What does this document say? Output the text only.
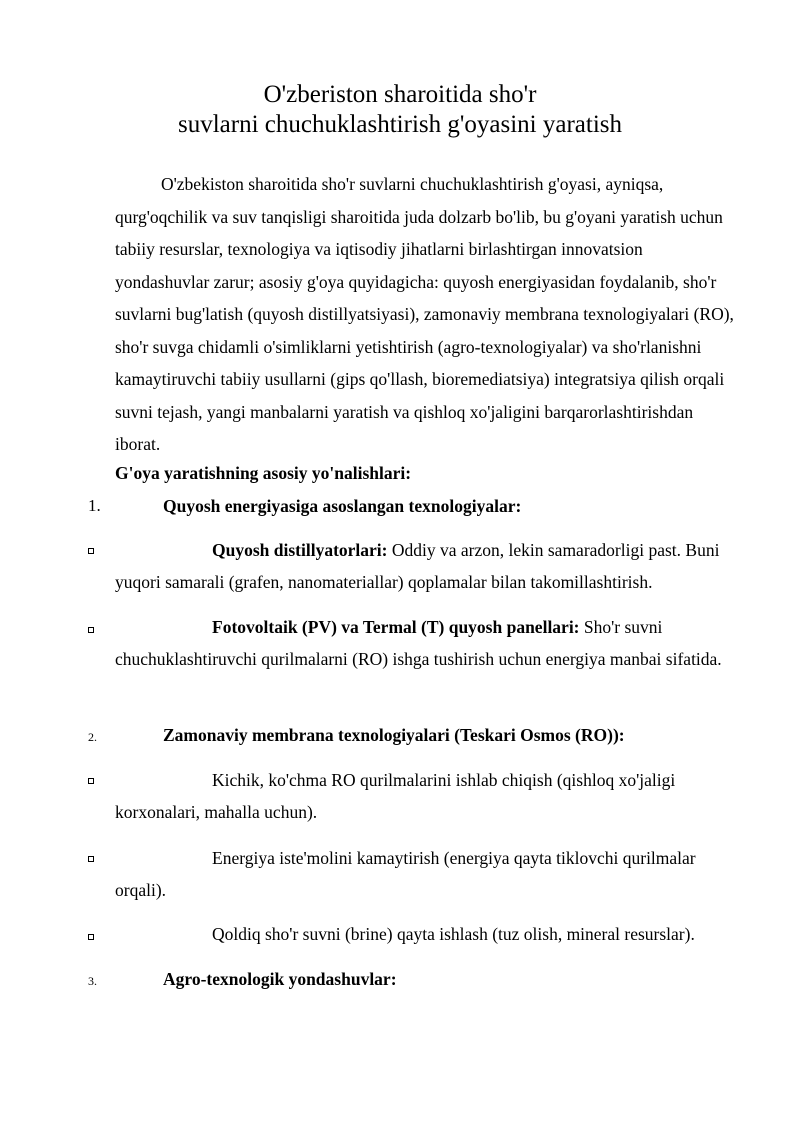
O'zberiston sharoitida sho'r
suvlarni chuchuklashtirish g'oyasini yaratish

O'zbekiston sharoitida sho'r suvlarni chuchuklashtirish g'oyasi, ayniqsa, qurg'oqchilik va suv tanqisligi sharoitida juda dolzarb bo'lib, bu g'oyani yaratish uchun tabiiy resurslar, texnologiya va iqtisodiy jihatlarni birlashtirgan innovatsion yondashuvlar zarur; asosiy g'oya quyidagicha: quyosh energiyasidan foydalanib, sho'r suvlarni bug'latish (quyosh distillyatsiyasi), zamonaviy membrana texnologiyalari (RO), sho'r suvga chidamli o'simliklarni yetishtirish (agro-texnologiyalar) va sho'rlanishni kamaytiruvchi tabiiy usullarni (gips qo'llash, bioremediatsiya) integratsiya qilish orqali suvni tejash, yangi manbalarni yaratish va qishloq xo'jaligini barqarorlashtirishdan iborat.

G'oya yaratishning asosiy yo'nalishlari:

1.	Quyosh energiyasiga asoslangan texnologiyalar:

Quyosh distillyatorlari: Oddiy va arzon, lekin samaradorligi past. Buni yuqori samarali (grafen, nanomateriallar) qoplamalar bilan takomillashtirish.

Fotovoltaik (PV) va Termal (T) quyosh panellari: Sho'r suvni chuchuklashtiruvchi qurilmalarni (RO) ishga tushirish uchun energiya manbai sifatida.

2.	Zamonaviy membrana texnologiyalari (Teskari Osmos (RO)):

Kichik, ko'chma RO qurilmalarini ishlab chiqish (qishloq xo'jaligi korxonalari, mahalla uchun).

Energiya iste'molini kamaytirish (energiya qayta tiklovchi qurilmalar orqali).

Qoldiq sho'r suvni (brine) qayta ishlash (tuz olish, mineral resurslar).

3.	Agro-texnologik yondashuvlar:
